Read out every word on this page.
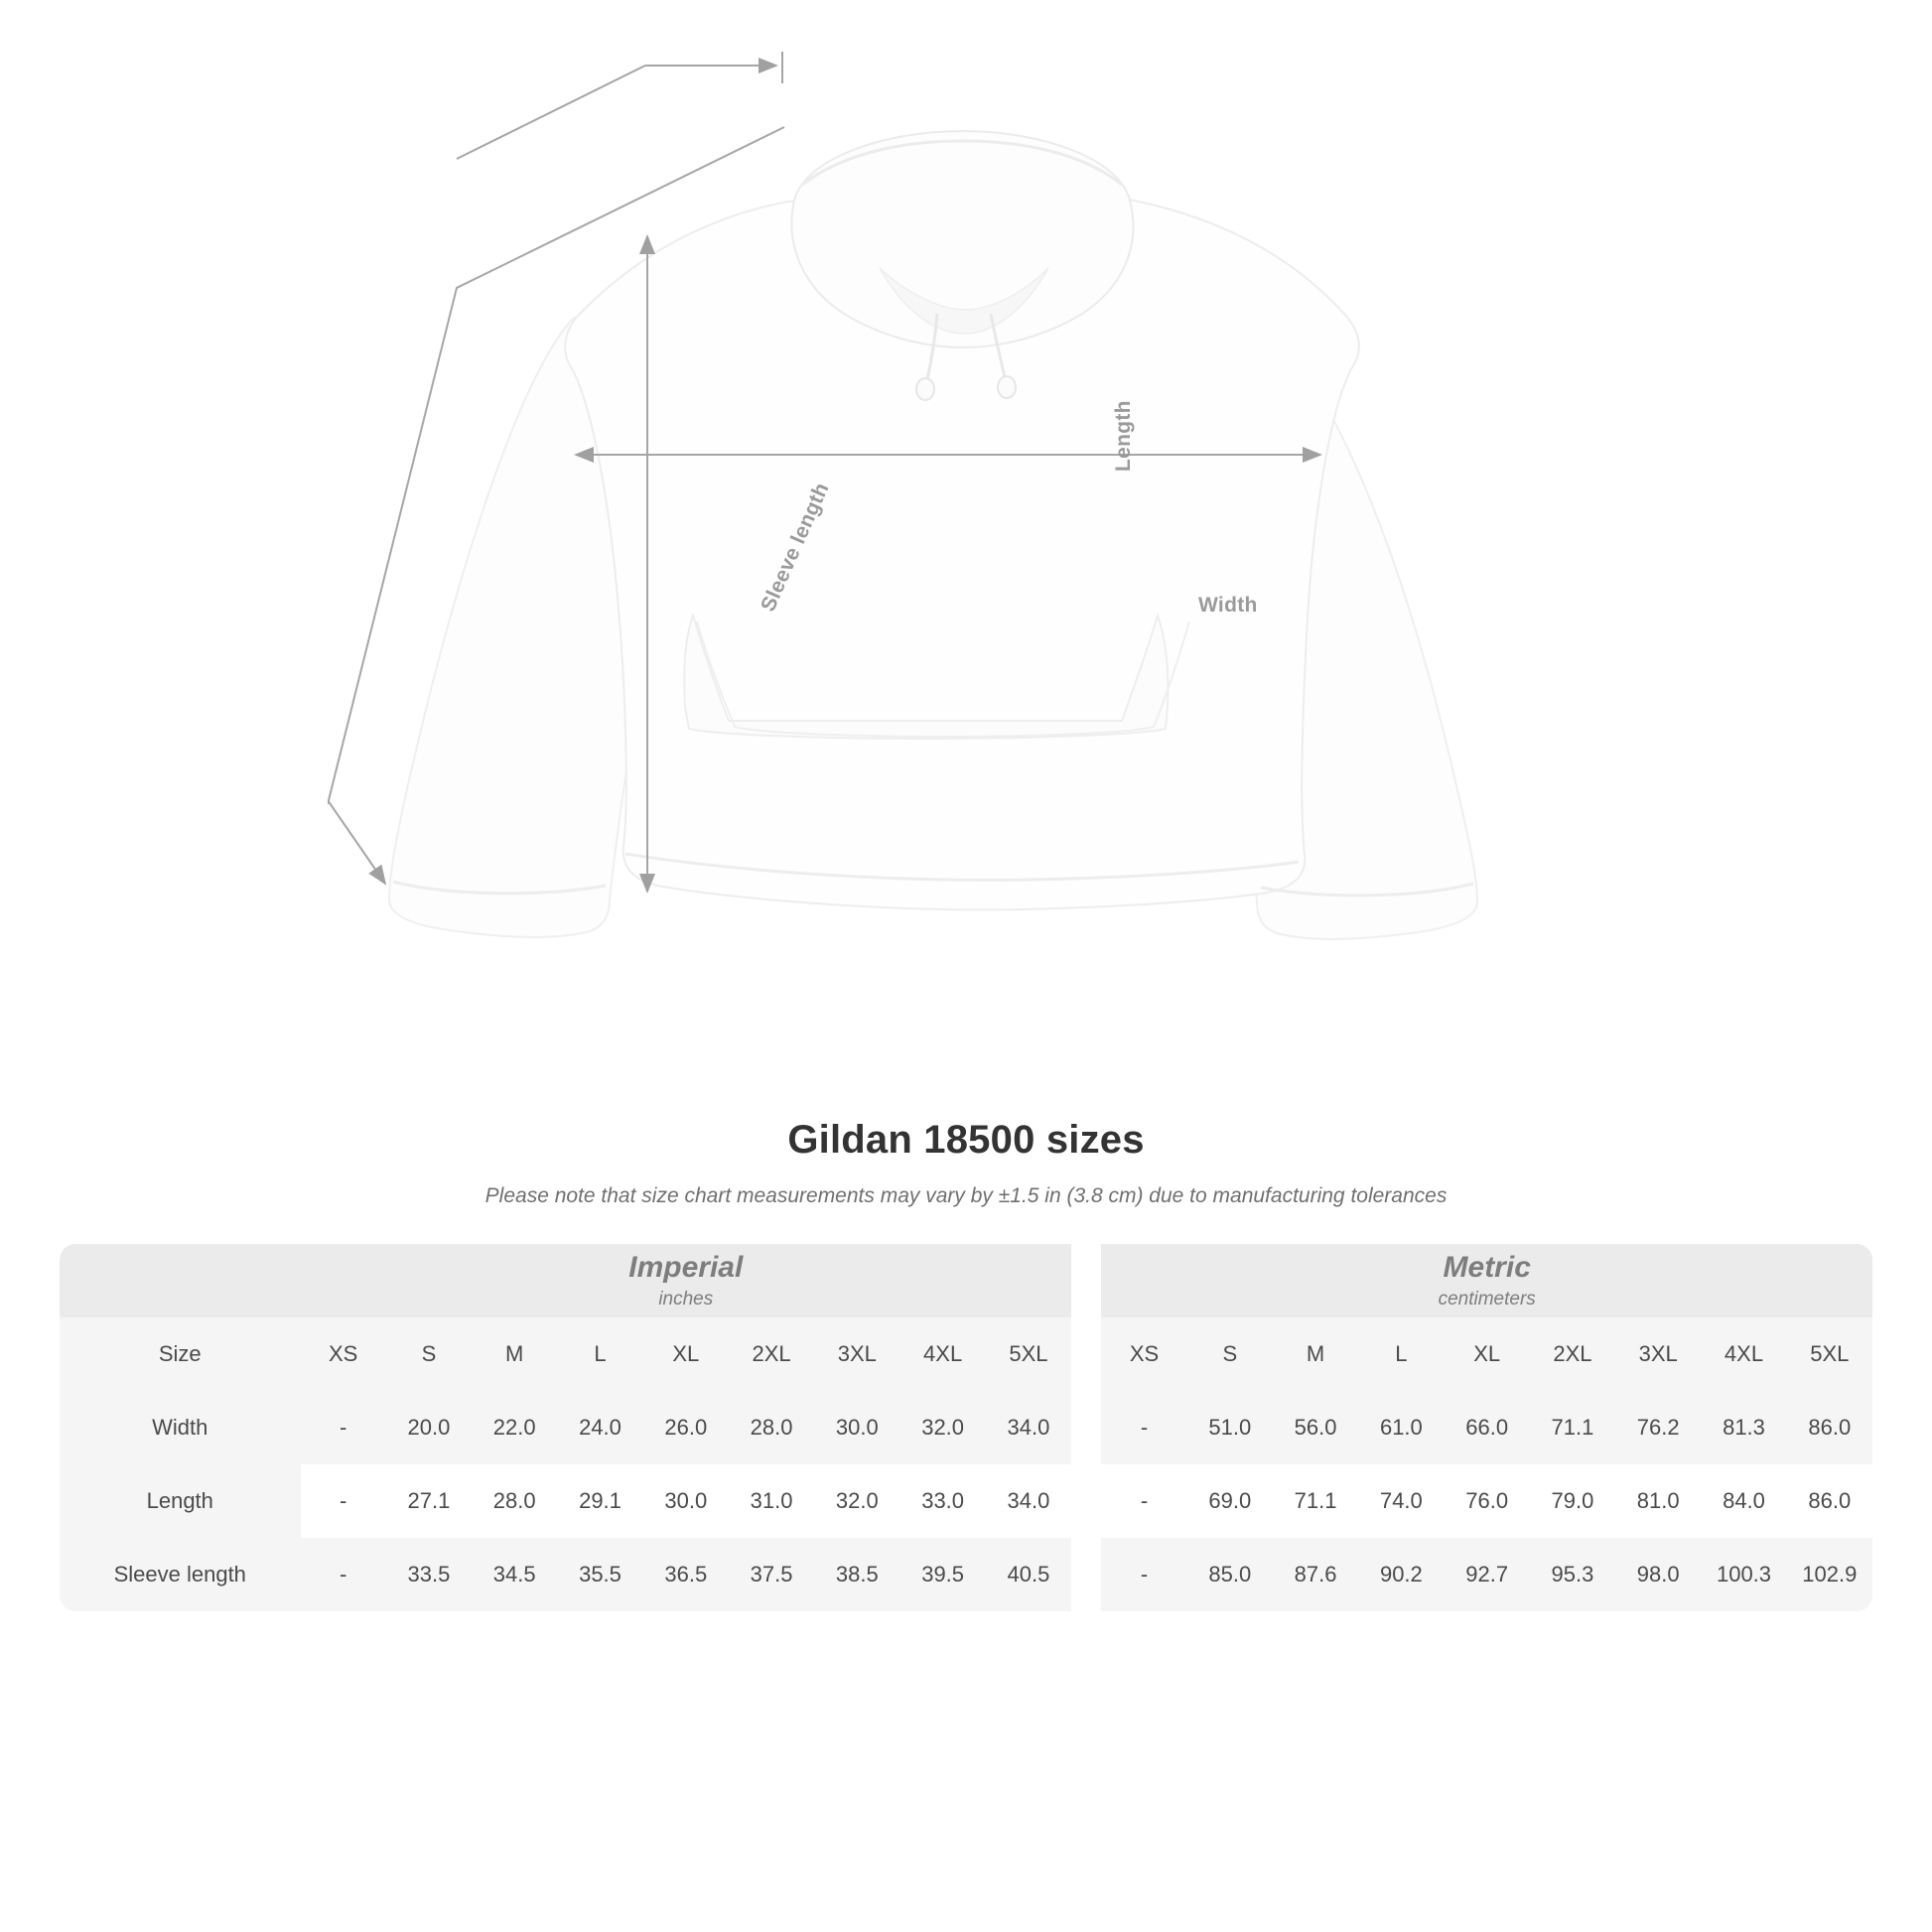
Width
Length
Sleeve length
Gildan 18500 sizes
Please note that size chart measurements may vary by ±1.5 in (3.8 cm) due to manufacturing tolerances

	Imperial
inches										Metric
centimeters								

Size	XS	S	M	L	XL	2XL	3XL	4XL	5XL		XS	S	M	L	XL	2XL	3XL	4XL	5XL
Width	-	20.0	22.0	24.0	26.0	28.0	30.0	32.0	34.0		-	51.0	56.0	61.0	66.0	71.1	76.2	81.3	86.0
Length	-	27.1	28.0	29.1	30.0	31.0	32.0	33.0	34.0		-	69.0	71.1	74.0	76.0	79.0	81.0	84.0	86.0
Sleeve length	-	33.5	34.5	35.5	36.5	37.5	38.5	39.5	40.5		-	85.0	87.6	90.2	92.7	95.3	98.0	100.3	102.9
